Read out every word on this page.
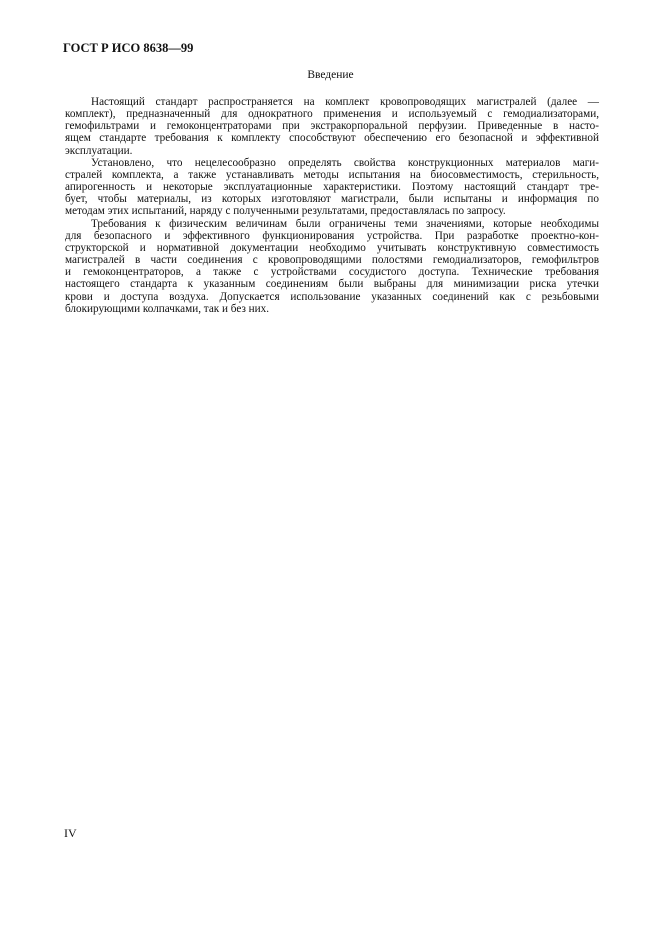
ГОСТ Р ИСО 8638—99
Введение
Настоящий стандарт распространяется на комплект кровопроводящих магистралей (далее —
комплект), предназначенный для однократного применения и используемый с гемодиализаторами,
гемофильтрами и гемоконцентраторами при экстракорпоральной перфузии. Приведенные в насто-
ящем стандарте требования к комплекту способствуют обеспечению его безопасной и эффективной
эксплуатации.
Установлено, что нецелесообразно определять свойства конструкционных материалов маги-
стралей комплекта, а также устанавливать методы испытания на биосовместимость, стерильность,
апирогенность и некоторые эксплуатационные характеристики. Поэтому настоящий стандарт тре-
бует, чтобы материалы, из которых изготовляют магистрали, были испытаны и информация по
методам этих испытаний, наряду с полученными результатами, предоставлялась по запросу.
Требования к физическим величинам были ограничены теми значениями, которые необходимы
для безопасного и эффективного функционирования устройства. При разработке проектно-кон-
структорской и нормативной документации необходимо учитывать конструктивную совместимость
магистралей в части соединения с кровопроводящими полостями гемодиализаторов, гемофильтров
и гемоконцентраторов, а также с устройствами сосудистого доступа. Технические требования
настоящего стандарта к указанным соединениям были выбраны для минимизации риска утечки
крови и доступа воздуха. Допускается использование указанных соединений как с резьбовыми
блокирующими колпачками, так и без них.
IV
